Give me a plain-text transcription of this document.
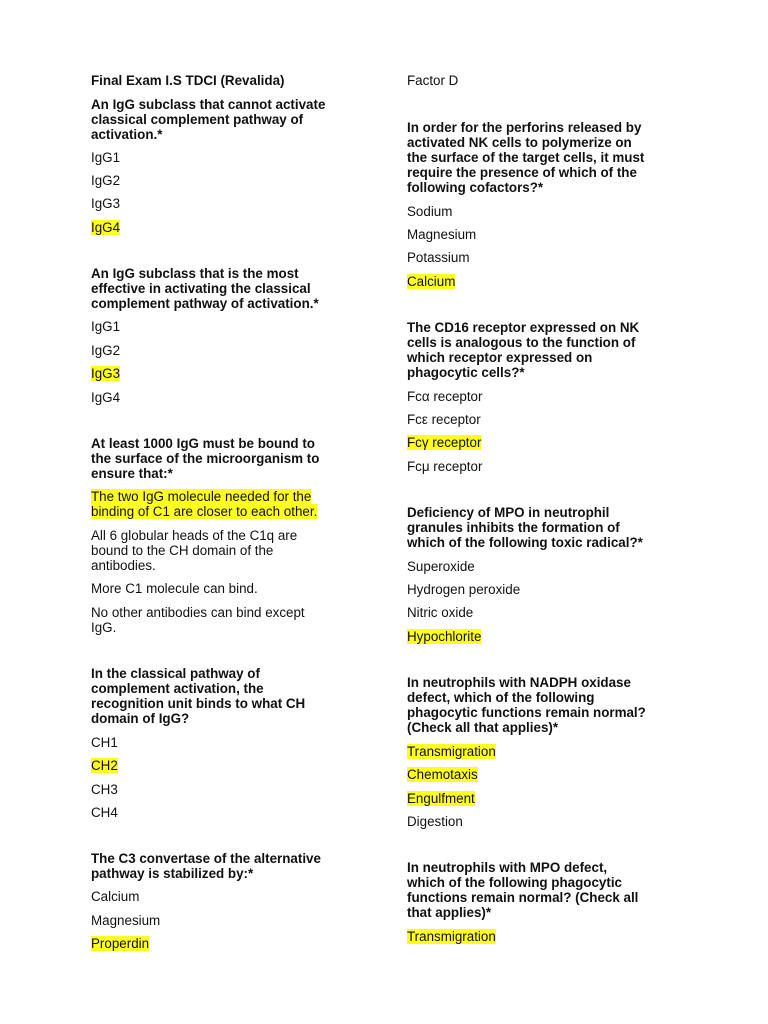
Final Exam I.S TDCI (Revalida)
An IgG subclass that cannot activate
classical complement pathway of
activation.*
IgG1
IgG2
IgG3
IgG4
An IgG subclass that is the most
effective in activating the classical
complement pathway of activation.*
IgG1
IgG2
IgG3
IgG4
At least 1000 IgG must be bound to
the surface of the microorganism to
ensure that:*
The two IgG molecule needed for the
binding of C1 are closer to each other.
All 6 globular heads of the C1q are
bound to the CH domain of the
antibodies.
More C1 molecule can bind.
No other antibodies can bind except
IgG.
In the classical pathway of
complement activation, the
recognition unit binds to what CH
domain of IgG?
CH1
CH2
CH3
CH4
The C3 convertase of the alternative
pathway is stabilized by:*
Calcium
Magnesium
Properdin
Factor D
In order for the perforins released by
activated NK cells to polymerize on
the surface of the target cells, it must
require the presence of which of the
following cofactors?*
Sodium
Magnesium
Potassium
Calcium
The CD16 receptor expressed on NK
cells is analogous to the function of
which receptor expressed on
phagocytic cells?*
Fcα receptor
Fcε receptor
Fcγ receptor
Fcμ receptor
Deficiency of MPO in neutrophil
granules inhibits the formation of
which of the following toxic radical?*
Superoxide
Hydrogen peroxide
Nitric oxide
Hypochlorite
In neutrophils with NADPH oxidase
defect, which of the following
phagocytic functions remain normal?
(Check all that applies)*
Transmigration
Chemotaxis
Engulfment
Digestion
In neutrophils with MPO defect,
which of the following phagocytic
functions remain normal? (Check all
that applies)*
Transmigration
